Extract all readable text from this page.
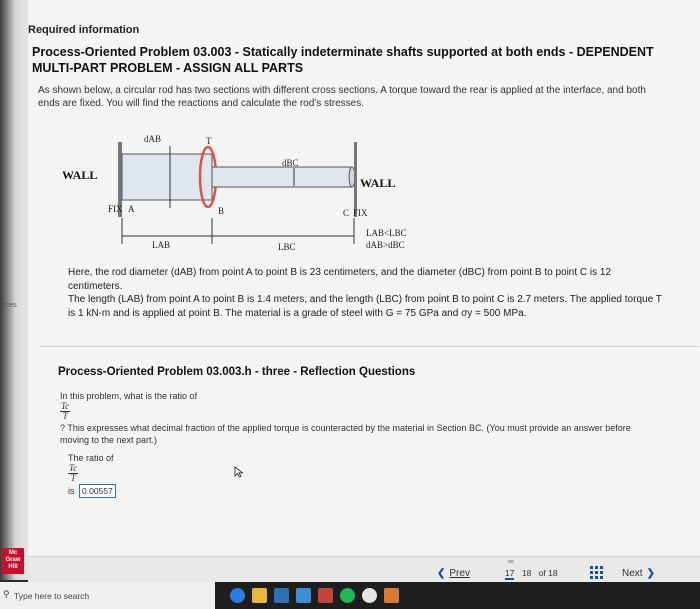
nces
Required information
Process-Oriented Problem 03.003 - Statically indeterminate shafts supported at both ends - DEPENDENT MULTI-PART PROBLEM - ASSIGN ALL PARTS
As shown below, a circular rod has two sections with different cross sections. A torque toward the rear is applied at the interface, and both ends are fixed. You will find the reactions and calculate the rod's stresses.
dAB	T
dBC
WALL
WALL
FIX A	B	C FIX
LAB	LBC
LAB<LBC
dAB>dBC
Here, the rod diameter (dAB) from point A to point B is 23 centimeters, and the diameter (dBC) from point B to point C is 12 centimeters.
The length (LAB) from point A to point B is 1.4 meters, and the length (LBC) from point B to point C is 2.7 meters. The applied torque T is 1 kN-m and is applied at point B. The material is a grade of steel with G = 75 GPa and σy = 500 MPa.
Process-Oriented Problem 03.003.h - three - Reflection Questions
In this problem, what is the ratio of
$\frac{Tc}{T}$
? This expresses what decimal fraction of the applied torque is counteracted by the material in Section BC. (You must provide an answer before moving to the next part.)
The ratio of
$\frac{Tc}{T}$
is 0.00557
Mc
Graw
Hill
∞
❮ Prev	17 18 of 18	Next ❯
⚲ Type here to search
